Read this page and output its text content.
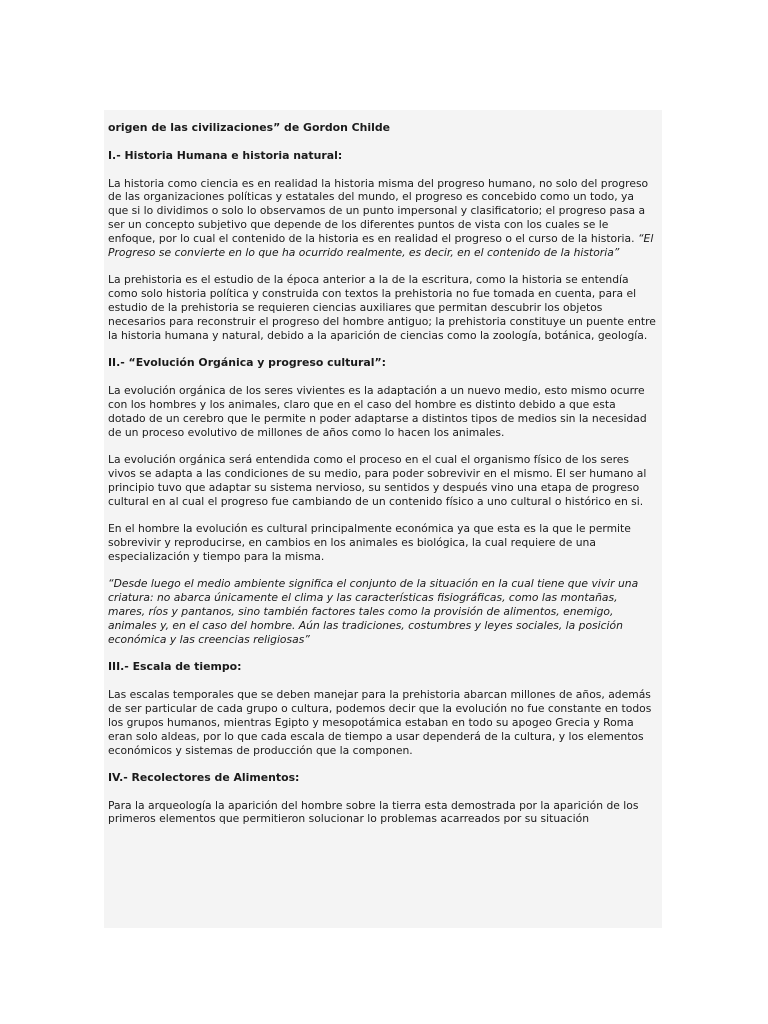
origen de las civilizaciones” de Gordon Childe
I.- Historia Humana e historia natural:

La historia como ciencia es en realidad la historia misma del progreso humano, no solo del progreso de las organizaciones políticas y estatales del mundo, el progreso es concebido como un todo, ya que si lo dividimos o solo lo observamos de un punto impersonal y clasificatorio; el progreso pasa a ser un concepto subjetivo que depende de los diferentes puntos de vista con los cuales se le enfoque, por lo cual el contenido de la historia es en realidad el progreso o el curso de la historia. “El Progreso se convierte en lo que ha ocurrido realmente, es decir, en el contenido de la historia”

La prehistoria es el estudio de la época anterior a la de la escritura, como la historia se entendía como solo historia política y construida con textos la prehistoria no fue tomada en cuenta, para el estudio de la prehistoria se requieren ciencias auxiliares que permitan descubrir los objetos necesarios para reconstruir el progreso del hombre antiguo; la prehistoria constituye un puente entre la historia humana y natural, debido a la aparición de ciencias como la zoología, botánica, geología.

II.- “Evolución Orgánica y progreso cultural”:

La evolución orgánica de los seres vivientes es la adaptación a un nuevo medio, esto mismo ocurre con los hombres y los animales, claro que en el caso del hombre es distinto debido a que esta dotado de un cerebro que le permite n poder adaptarse a distintos tipos de medios sin la necesidad de un proceso evolutivo de millones de años como lo hacen los animales.

La evolución orgánica será entendida como el proceso en el cual el organismo físico de los seres vivos se adapta a las condiciones de su medio, para poder sobrevivir en el mismo. El ser humano al principio tuvo que adaptar su sistema nervioso, su sentidos y después vino una etapa de progreso cultural en al cual el progreso fue cambiando de un contenido físico a uno cultural o histórico en si.

En el hombre la evolución es cultural principalmente económica ya que esta es la que le permite sobrevivir y reproducirse, en cambios en los animales es biológica, la cual requiere de una especialización y tiempo para la misma.

“Desde luego el medio ambiente significa el conjunto de la situación en la cual tiene que vivir una criatura: no abarca únicamente el clima y las características fisiográficas, como las montañas, mares, ríos y pantanos, sino también factores tales como la provisión de alimentos, enemigo, animales y, en el caso del hombre. Aún las tradiciones, costumbres y leyes sociales, la posición económica y las creencias religiosas”

III.- Escala de tiempo:

Las escalas temporales que se deben manejar para la prehistoria abarcan millones de años, además de ser particular de cada grupo o cultura, podemos decir que la evolución no fue constante en todos los grupos humanos, mientras Egipto y mesopotámica estaban en todo su apogeo Grecia y Roma eran solo aldeas, por lo que cada escala de tiempo a usar dependerá de la cultura, y los elementos económicos y sistemas de producción que la componen.

IV.- Recolectores de Alimentos:

Para la arqueología la aparición del hombre sobre la tierra esta demostrada por la aparición de los primeros elementos que permitieron solucionar lo problemas acarreados por su situación
